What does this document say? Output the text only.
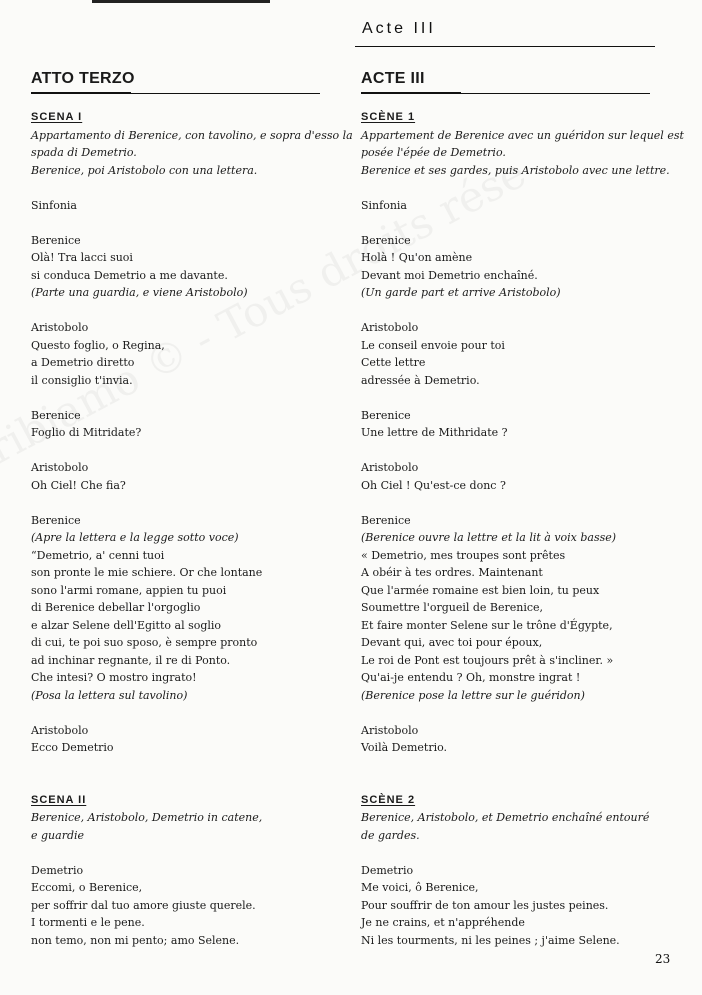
Acte III
ATTO TERZO
SCENA I
Appartamento di Berenice, con tavolino, e sopra d'esso la
spada di Demetrio.
Berenice, poi Aristobolo con una lettera.
Sinfonia
Berenice
Olà! Tra lacci suoi
si conduca Demetrio a me davante.
(Parte una guardia, e viene Aristobolo)
Aristobolo
Questo foglio, o Regina,
a Demetrio diretto
il consiglio t'invia.
Berenice
Foglio di Mitridate?
Aristobolo
Oh Ciel! Che fia?
Berenice
(Apre la lettera e la legge sotto voce)
“Demetrio, a' cenni tuoi
son pronte le mie schiere. Or che lontane
sono l'armi romane, appien tu puoi
di Berenice debellar l'orgoglio
e alzar Selene dell'Egitto al soglio
di cui, te poi suo sposo, è sempre pronto
ad inchinar regnante, il re di Ponto.
Che intesi? O mostro ingrato!
(Posa la lettera sul tavolino)
Aristobolo
Ecco Demetrio
SCENA II
Berenice, Aristobolo, Demetrio in catene,
e guardie
Demetrio
Eccomi, o Berenice,
per soffrir dal tuo amore giuste querele.
I tormenti e le pene.
non temo, non mi pento; amo Selene.
ACTE III
SCÈNE 1
Appartement de Berenice avec un guéridon sur lequel est
posée l'épée de Demetrio.
Berenice et ses gardes, puis Aristobolo avec une lettre.
Sinfonia
Berenice
Holà ! Qu'on amène
Devant moi Demetrio enchaîné.
(Un garde part et arrive Aristobolo)
Aristobolo
Le conseil envoie pour toi
Cette lettre
adressée à Demetrio.
Berenice
Une lettre de Mithridate ?
Aristobolo
Oh Ciel ! Qu'est-ce donc ?
Berenice
(Berenice ouvre la lettre et la lit à voix basse)
« Demetrio, mes troupes sont prêtes
A obéir à tes ordres. Maintenant
Que l'armée romaine est bien loin, tu peux
Soumettre l'orgueil de Berenice,
Et faire monter Selene sur le trône d'Égypte,
Devant qui, avec toi pour époux,
Le roi de Pont est toujours prêt à s'incliner. »
Qu'ai-je entendu ? Oh, monstre ingrat !
(Berenice pose la lettre sur le guéridon)
Aristobolo
Voilà Demetrio.
SCÈNE 2
Berenice, Aristobolo, et Demetrio enchaîné entouré
de gardes.
Demetrio
Me voici, ô Berenice,
Pour souffrir de ton amour les justes peines.
Je ne crains, et n'appréhende
Ni les tourments, ni les peines ; j'aime Selene.
23
